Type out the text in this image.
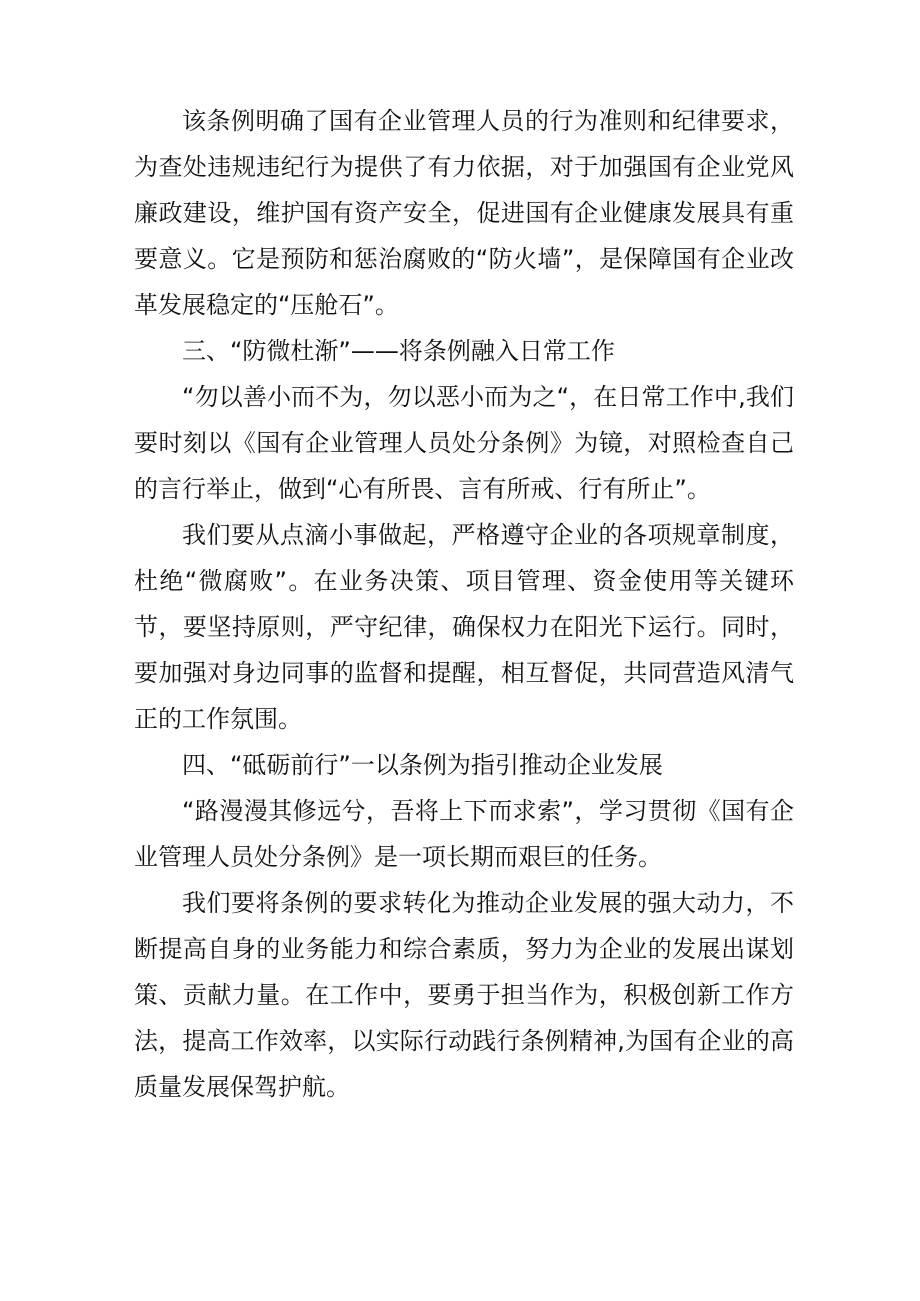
该条例明确了国有企业管理人员的行为准则和纪律要求，为查处违规违纪行为提供了有力依据，对于加强国有企业党风廉政建设，维护国有资产安全，促进国有企业健康发展具有重要意义。它是预防和惩治腐败的“防火墙”，是保障国有企业改革发展稳定的“压舱石”。

三、“防微杜渐”——将条例融入日常工作

“勿以善小而不为，勿以恶小而为之“，在日常工作中,我们要时刻以《国有企业管理人员处分条例》为镜，对照检查自己的言行举止，做到“心有所畏、言有所戒、行有所止”。

我们要从点滴小事做起，严格遵守企业的各项规章制度，杜绝“微腐败”。在业务决策、项目管理、资金使用等关键环节，要坚持原则，严守纪律，确保权力在阳光下运行。同时，要加强对身边同事的监督和提醒，相互督促，共同营造风清气正的工作氛围。

四、“砥砺前行”一以条例为指引推动企业发展

“路漫漫其修远兮，吾将上下而求索”，学习贯彻《国有企业管理人员处分条例》是一项长期而艰巨的任务。

我们要将条例的要求转化为推动企业发展的强大动力，不断提高自身的业务能力和综合素质，努力为企业的发展出谋划策、贡献力量。在工作中，要勇于担当作为，积极创新工作方法，提高工作效率，以实际行动践行条例精神,为国有企业的高质量发展保驾护航。
